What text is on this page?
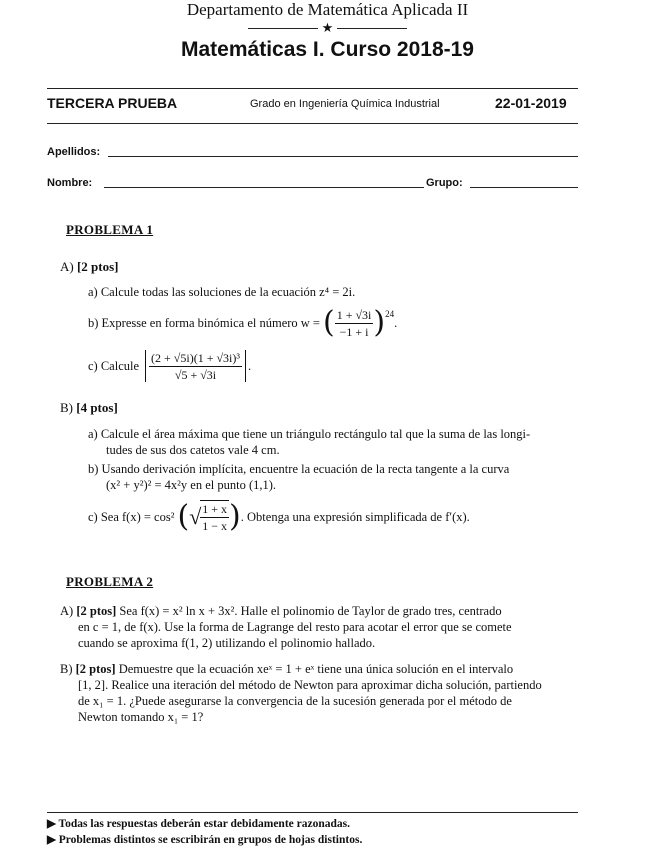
Departamento de Matemática Aplicada II
★
Matemáticas I. Curso 2018-19
TERCERA PRUEBA	Grado en Ingeniería Química Industrial	22-01-2019
Apellidos:
Nombre:	Grupo:
PROBLEMA 1
A) [2 ptos]
a) Calcule todas las soluciones de la ecuación z⁴ = 2i.
b) Expresse en forma binómica el número w = ( $\frac{1 + √3i}{-1 + i} )^{24}$
.
c) Calcule $\frac{\text{(2 + √5i)(1 + √3i)³}}{√5 + √3i}$ .
B) [4 ptos]
a) Calcule el área máxima que tiene un triángulo rectángulo tal que la suma de las longi-
tudes de sus dos catetos vale 4 cm.
b) Usando derivación implícita, encuentre la ecuación de la recta tangente a la curva
(x² + y²)² = 4x²y en el punto (1,1).
c) Sea f(x) = cos² ( √ $\frac{1 + x}{1 - x}$ ) . Obtenga una expresión simplificada de f′(x).
PROBLEMA 2
A) [2 ptos] Sea f(x) = x² ln x + 3x². Halle el polinomio de Taylor de grado tres, centrado
en c = 1, de f(x). Use la forma de Lagrange del resto para acotar el error que se comete
cuando se aproxima f(1, 2) utilizando el polinomio hallado.
B) [2 ptos] Demuestre que la ecuación xeˣ = 1 + eˣ tiene una única solución en el intervalo
[1, 2]. Realice una iteración del método de Newton para aproximar dicha solución, partiendo
de x₁ = 1. ¿Puede asegurarse la convergencia de la sucesión generada por el método de
Newton tomando x₁ = 1?
▶ Todas las respuestas deberán estar debidamente razonadas.
▶ Problemas distintos se escribirán en grupos de hojas distintos.
